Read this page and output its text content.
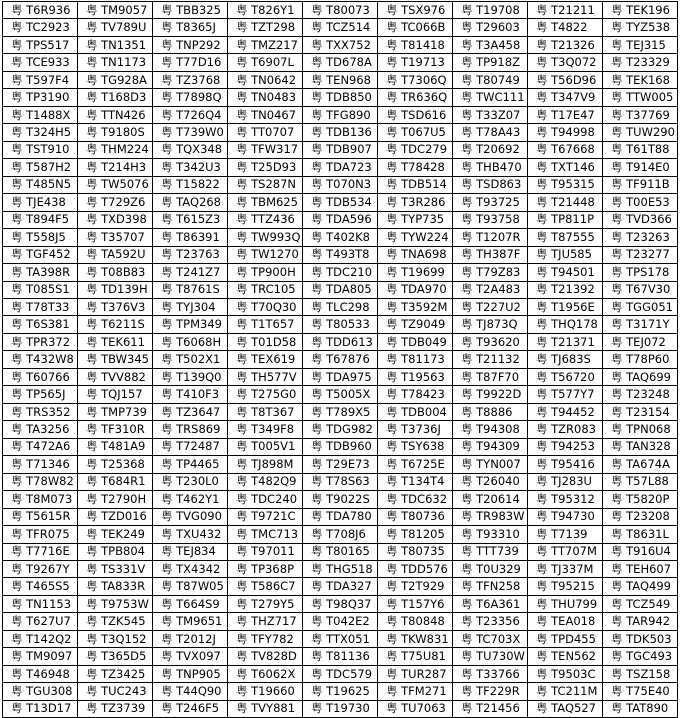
粤 T6R936	粤 TM9057	粤 TBB325	粤 T826Y1	粤 T80073	粤 TSX976	粤 T19708	粤 T21211	粤 TEK196
粤 TC2923	粤 TV789U	粤 T8365J	粤 TZT298	粤 TCZ514	粤 TC066B	粤 T29603	粤 T4822	粤 TYZ538
粤 TPS517	粤 TN1351	粤 TNP292	粤 TMZ217	粤 TXX752	粤 T81418	粤 T3A458	粤 T21326	粤 TEJ315
粤 TCE933	粤 TN1173	粤 T77D16	粤 T6907L	粤 TD678A	粤 T19713	粤 TP918Z	粤 T3Q072	粤 T23329
粤 T597F4	粤 TG928A	粤 TZ3768	粤 TN0642	粤 TEN968	粤 T7306Q	粤 T80749	粤 T56D96	粤 TEK168
粤 TP3190	粤 T168D3	粤 T7898Q	粤 TN0483	粤 TDB850	粤 TR636Q	粤 TWC111	粤 T347V9	粤 TTW005
粤 T1488X	粤 TTN426	粤 T726Q4	粤 TN0467	粤 TFG890	粤 TSD616	粤 T33Z07	粤 T17E47	粤 T37769
粤 T324H5	粤 T9180S	粤 T739W0	粤 TT0707	粤 TDB136	粤 T067U5	粤 T78A43	粤 T94998	粤 TUW290
粤 TST910	粤 THM224	粤 TQX348	粤 TFW317	粤 TDB907	粤 TDC279	粤 T20692	粤 T67668	粤 T61T88
粤 T587H2	粤 T214H3	粤 T342U3	粤 T25D93	粤 TDA723	粤 T78428	粤 THB470	粤 TXT146	粤 T914E0
粤 T485N5	粤 TW5076	粤 T15822	粤 TS287N	粤 T070N3	粤 TDB514	粤 TSD863	粤 T95315	粤 TF911B
粤 TJE438	粤 T729Z6	粤 TAQ268	粤 TBM625	粤 TDB534	粤 T3R286	粤 T93725	粤 T21448	粤 T00E53
粤 T894F5	粤 TXD398	粤 T615Z3	粤 TTZ436	粤 TDA596	粤 TYP735	粤 T93758	粤 TP811P	粤 TVD366
粤 T558J5	粤 T35707	粤 T86391	粤 TW993Q	粤 T402K8	粤 TYW224	粤 T1207R	粤 T87555	粤 T23263
粤 TGF452	粤 TA592U	粤 T23763	粤 TW1270	粤 T493T8	粤 TNA698	粤 TH387F	粤 TJU585	粤 T23277
粤 TA398R	粤 T08B83	粤 T241Z7	粤 TP900H	粤 TDC210	粤 T19699	粤 T79Z83	粤 T94501	粤 TPS178
粤 T085S1	粤 TD139H	粤 T8761S	粤 TRC105	粤 TDA805	粤 TDA970	粤 T2A483	粤 T21392	粤 T67V30
粤 T78T33	粤 T376V3	粤 TYJ304	粤 T70Q30	粤 TLC298	粤 T3592M	粤 T227U2	粤 T1956E	粤 TGG051
粤 T6S381	粤 T6211S	粤 TPM349	粤 T1T657	粤 T80533	粤 TZ9049	粤 TJ873Q	粤 THQ178	粤 T3171Y
粤 TPR372	粤 TEK611	粤 T6068H	粤 T01D58	粤 TDD613	粤 TDB049	粤 T93620	粤 T21371	粤 TEJ072
粤 T432W8	粤 TBW345	粤 T502X1	粤 TEX619	粤 T67876	粤 T81173	粤 T21132	粤 TJ683S	粤 T78P60
粤 T60766	粤 TVV882	粤 T139Q0	粤 TH577V	粤 TDA975	粤 T19563	粤 T87F70	粤 T56720	粤 TAQ699
粤 TP565J	粤 TQJ157	粤 T410F3	粤 T275G0	粤 T5005X	粤 T78423	粤 T9922D	粤 T577Y7	粤 T23248
粤 TRS352	粤 TMP739	粤 TZ3647	粤 T8T367	粤 T789X5	粤 TDB004	粤 T8886	粤 T94452	粤 T23154
粤 TA3256	粤 TF310R	粤 TRS869	粤 T349F8	粤 TDG982	粤 T3736J	粤 T94308	粤 TZR083	粤 TPN068
粤 T472A6	粤 T481A9	粤 T72487	粤 T005V1	粤 TDB960	粤 TSY638	粤 T94309	粤 T94253	粤 TAN328
粤 T71346	粤 T25368	粤 TP4465	粤 TJ898M	粤 T29E73	粤 T6725E	粤 TYN007	粤 T95416	粤 TA674A
粤 T78W82	粤 T684R1	粤 T230L0	粤 T482Q9	粤 T78S63	粤 T134T4	粤 T26040	粤 TJ283U	粤 T57L88
粤 T8M073	粤 T2790H	粤 T462Y1	粤 TDC240	粤 T9022S	粤 TDC632	粤 T20614	粤 T95312	粤 T5820P
粤 T5615R	粤 TZD016	粤 TVG090	粤 T9721C	粤 TDA780	粤 T80736	粤 TR983W	粤 T94730	粤 T23208
粤 TFR075	粤 TEK249	粤 TXU432	粤 TMC713	粤 T708J6	粤 T81205	粤 T93310	粤 T7139	粤 T8631L
粤 T7716E	粤 TPB804	粤 TEJ834	粤 T97011	粤 T80165	粤 T80735	粤 TTT739	粤 TT707M	粤 T916U4
粤 T9267Y	粤 TS331V	粤 TX4342	粤 TP368P	粤 THG518	粤 TDD576	粤 T0U329	粤 TJ337M	粤 TEH607
粤 T465S5	粤 TA833R	粤 T87W05	粤 T586C7	粤 TDA327	粤 T2T929	粤 TFN258	粤 T95215	粤 TAQ499
粤 TN1153	粤 T9753W	粤 T664S9	粤 T279Y5	粤 T98Q37	粤 T157Y6	粤 T6A361	粤 THU799	粤 TCZ549
粤 T627U7	粤 TZK545	粤 TM9651	粤 THZ717	粤 T042E2	粤 T80848	粤 T23356	粤 TEA018	粤 TAR942
粤 T142Q2	粤 T3Q152	粤 T2012J	粤 TFY782	粤 TTX051	粤 TKW831	粤 TC703X	粤 TPD455	粤 TDK503
粤 TM9097	粤 T365D5	粤 TVX097	粤 TV828D	粤 T81136	粤 T75U81	粤 TU730W	粤 TEN562	粤 TGC493
粤 T46948	粤 TZ3425	粤 TNP905	粤 T6062X	粤 TDC579	粤 TUR287	粤 T33766	粤 T9503C	粤 TSZ158
粤 TGU308	粤 TUC243	粤 T44Q90	粤 T19660	粤 T19625	粤 TFM271	粤 TF229R	粤 TC211M	粤 T75E40
粤 T13D17	粤 TZ3739	粤 T246F5	粤 TVY881	粤 T19730	粤 TU7063	粤 T21456	粤 TAQ527	粤 TAT890
